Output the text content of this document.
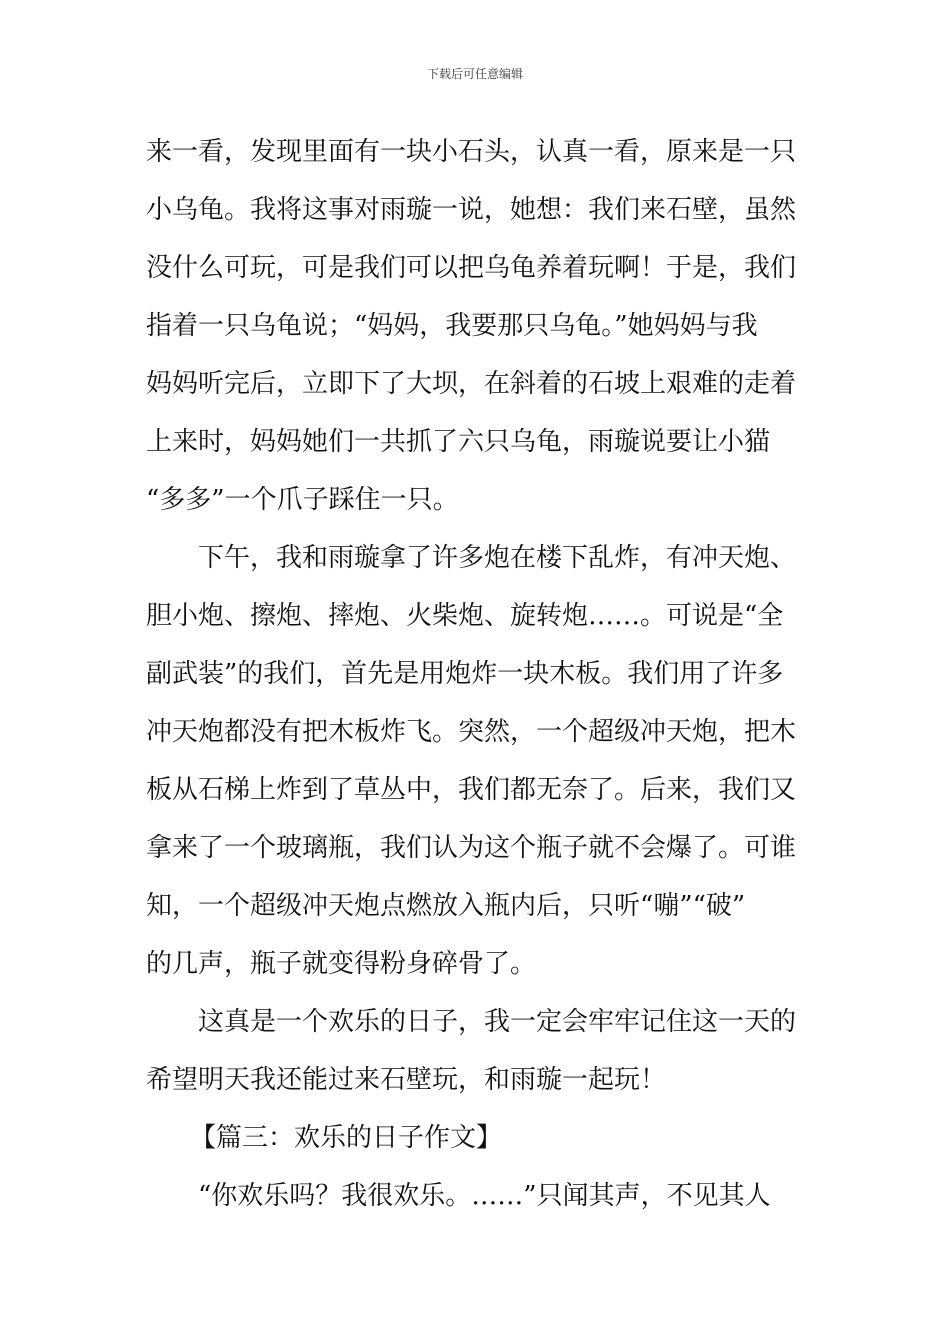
下载后可任意编辑
来一看，发现里面有一块小石头，认真一看，原来是一只
小乌龟。我将这事对雨璇一说，她想：我们来石壁，虽然
没什么可玩，可是我们可以把乌龟养着玩啊！于是，我们
指着一只乌龟说；“妈妈，我要那只乌龟。”她妈妈与我
妈妈听完后，立即下了大坝，在斜着的石坡上艰难的走着
上来时，妈妈她们一共抓了六只乌龟，雨璇说要让小猫
“多多”一个爪子踩住一只。
下午，我和雨璇拿了许多炮在楼下乱炸，有冲天炮、
胆小炮、擦炮、摔炮、火柴炮、旋转炮……。可说是“全
副武装”的我们，首先是用炮炸一块木板。我们用了许多
冲天炮都没有把木板炸飞。突然，一个超级冲天炮，把木
板从石梯上炸到了草丛中，我们都无奈了。后来，我们又
拿来了一个玻璃瓶，我们认为这个瓶子就不会爆了。可谁
知，一个超级冲天炮点燃放入瓶内后，只听“嘣”“破”
的几声，瓶子就变得粉身碎骨了。
这真是一个欢乐的日子，我一定会牢牢记住这一天的
希望明天我还能过来石壁玩，和雨璇一起玩！
【篇三：欢乐的日子作文】
“你欢乐吗？我很欢乐。……”只闻其声，不见其人
